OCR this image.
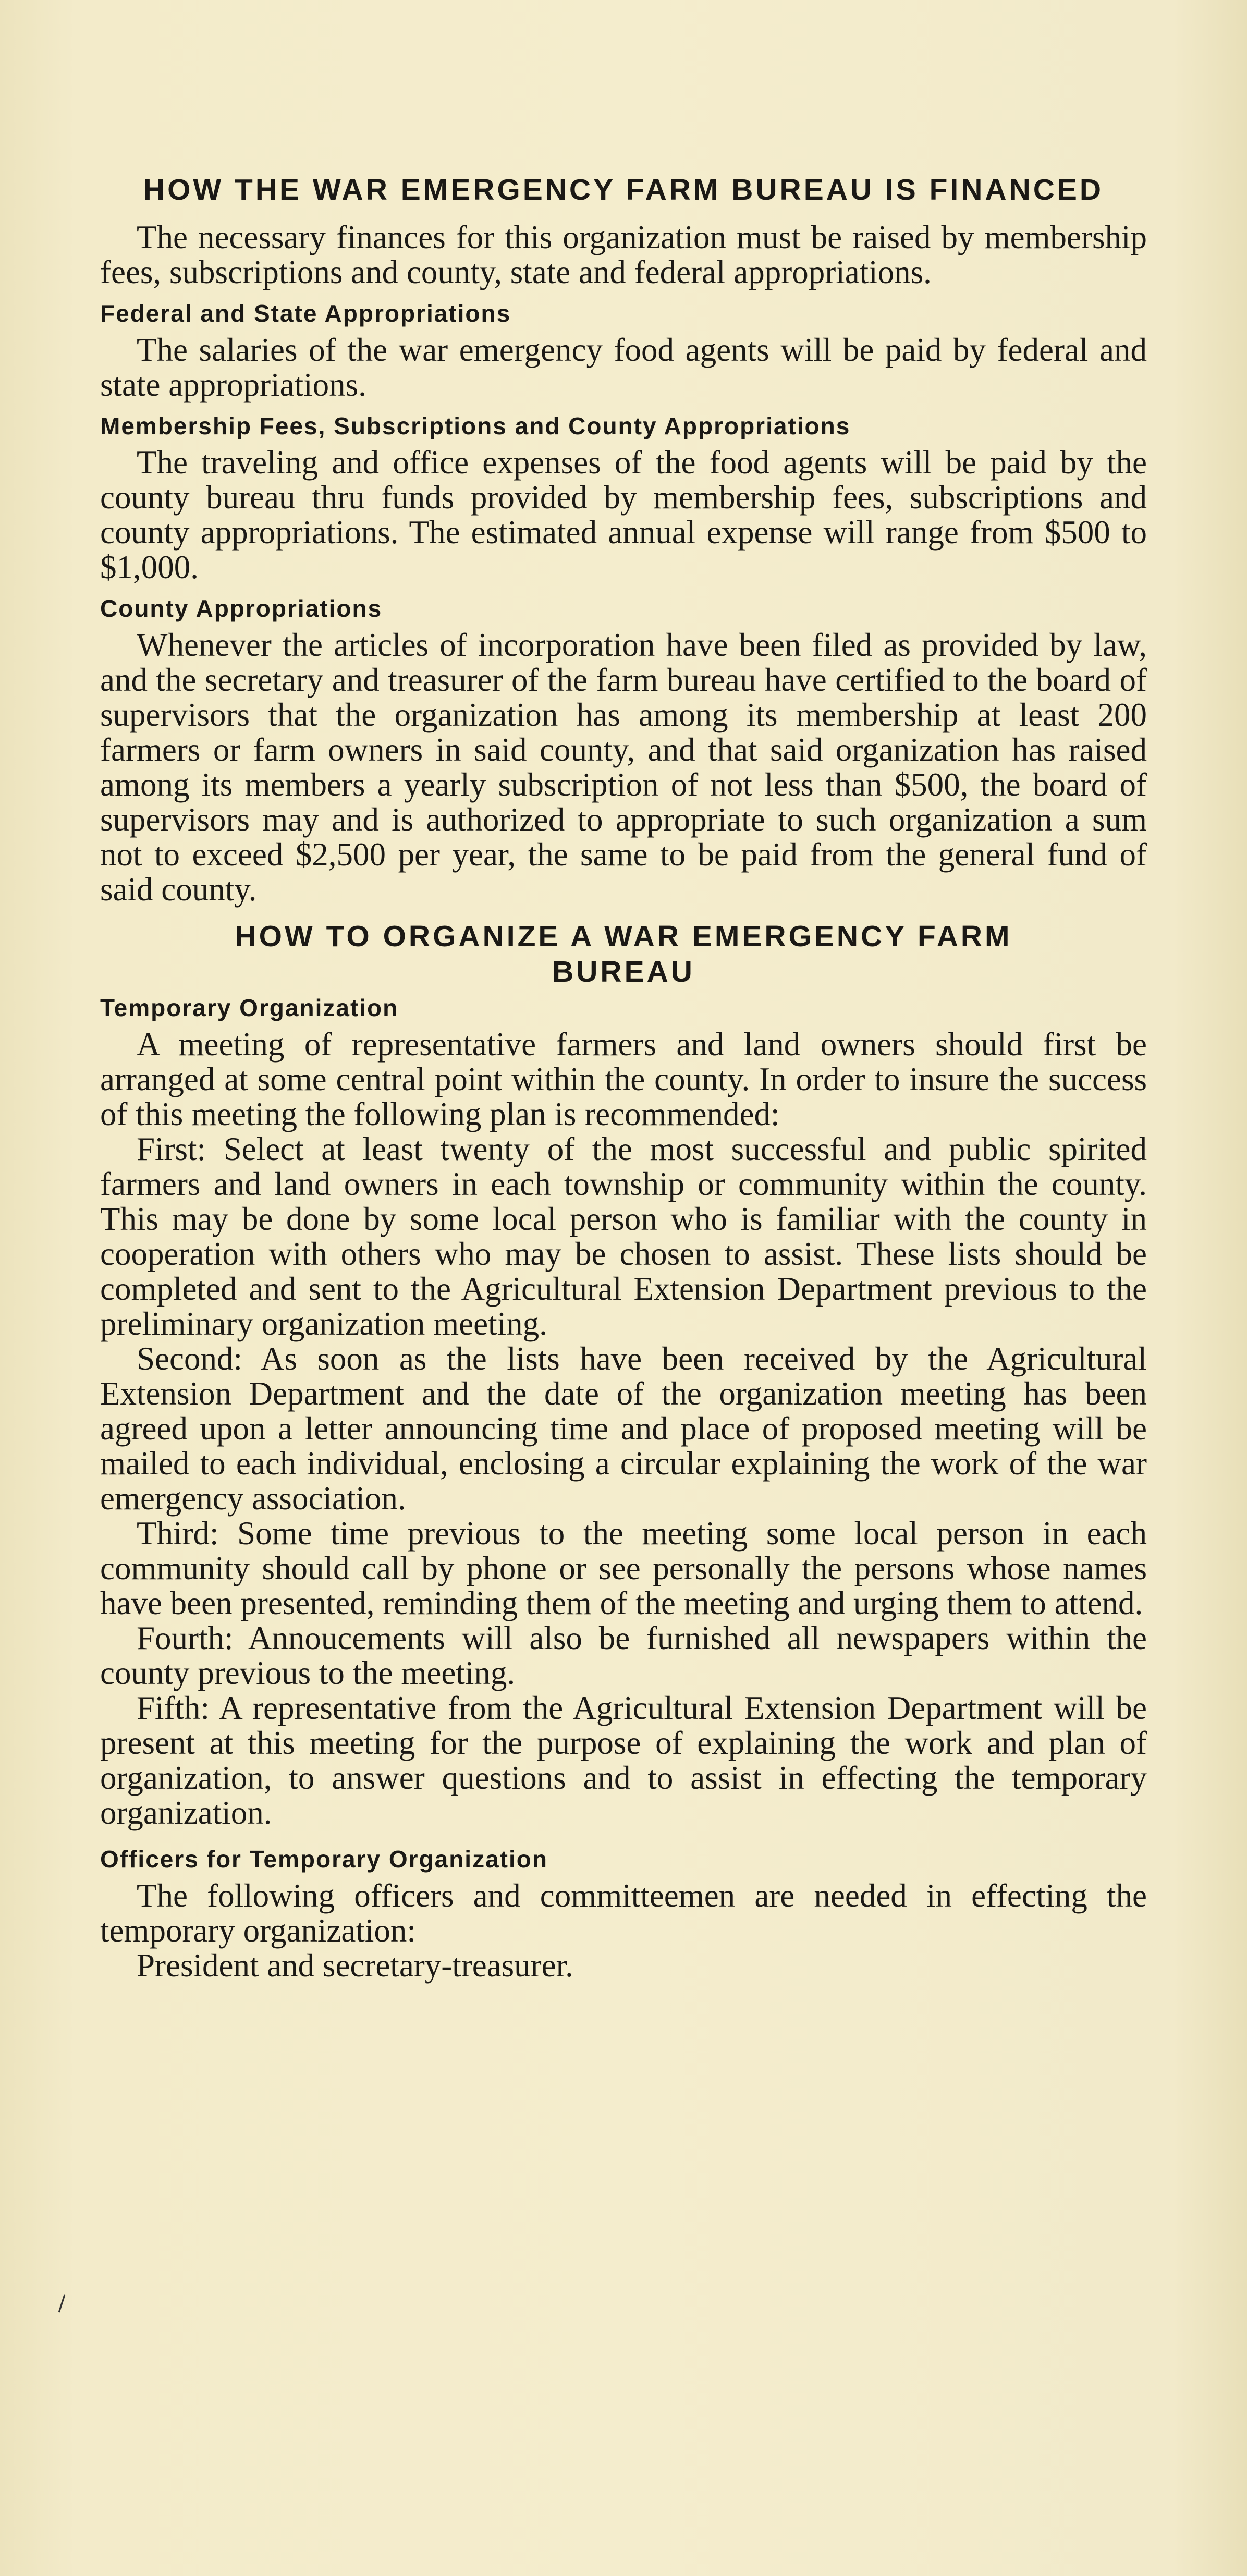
\
HOW THE WAR EMERGENCY FARM BUREAU IS FINANCED

The necessary finances for this organization must be raised by membership fees, subscriptions and county, state and federal appropriations.

Federal and State Appropriations

The salaries of the war emergency food agents will be paid by federal and state appropriations.

Membership Fees, Subscriptions and County Appropriations

The traveling and office expenses of the food agents will be paid by the county bureau thru funds provided by membership fees, subscriptions and county appropriations. The estimated annual expense will range from $500 to $1,000.

County Appropriations

Whenever the articles of incorporation have been filed as provided by law, and the secretary and treasurer of the farm bureau have certified to the board of supervisors that the organization has among its membership at least 200 farmers or farm owners in said county, and that said organization has raised among its members a yearly subscription of not less than $500, the board of supervisors may and is authorized to appropriate to such organization a sum not to exceed $2,500 per year, the same to be paid from the general fund of said county.

HOW TO ORGANIZE A WAR EMERGENCY FARM BUREAU
Temporary Organization

A meeting of representative farmers and land owners should first be arranged at some central point within the county. In order to insure the success of this meeting the following plan is recommended:

First: Select at least twenty of the most successful and public spirited farmers and land owners in each township or community within the county. This may be done by some local person who is familiar with the county in cooperation with others who may be chosen to assist. These lists should be completed and sent to the Agricultural Extension Department previous to the preliminary organization meeting.

Second: As soon as the lists have been received by the Agricultural Extension Department and the date of the organization meeting has been agreed upon a letter announcing time and place of proposed meeting will be mailed to each individual, enclosing a circular explaining the work of the war emergency association.

Third: Some time previous to the meeting some local person in each community should call by phone or see personally the persons whose names have been presented, reminding them of the meeting and urging them to attend.

Fourth: Annoucements will also be furnished all newspapers within the county previous to the meeting.

Fifth: A representative from the Agricultural Extension Department will be present at this meeting for the purpose of explaining the work and plan of organization, to answer questions and to assist in effecting the temporary organization.

Officers for Temporary Organization

The following officers and committeemen are needed in effecting the temporary organization:

President and secretary-treasurer.
